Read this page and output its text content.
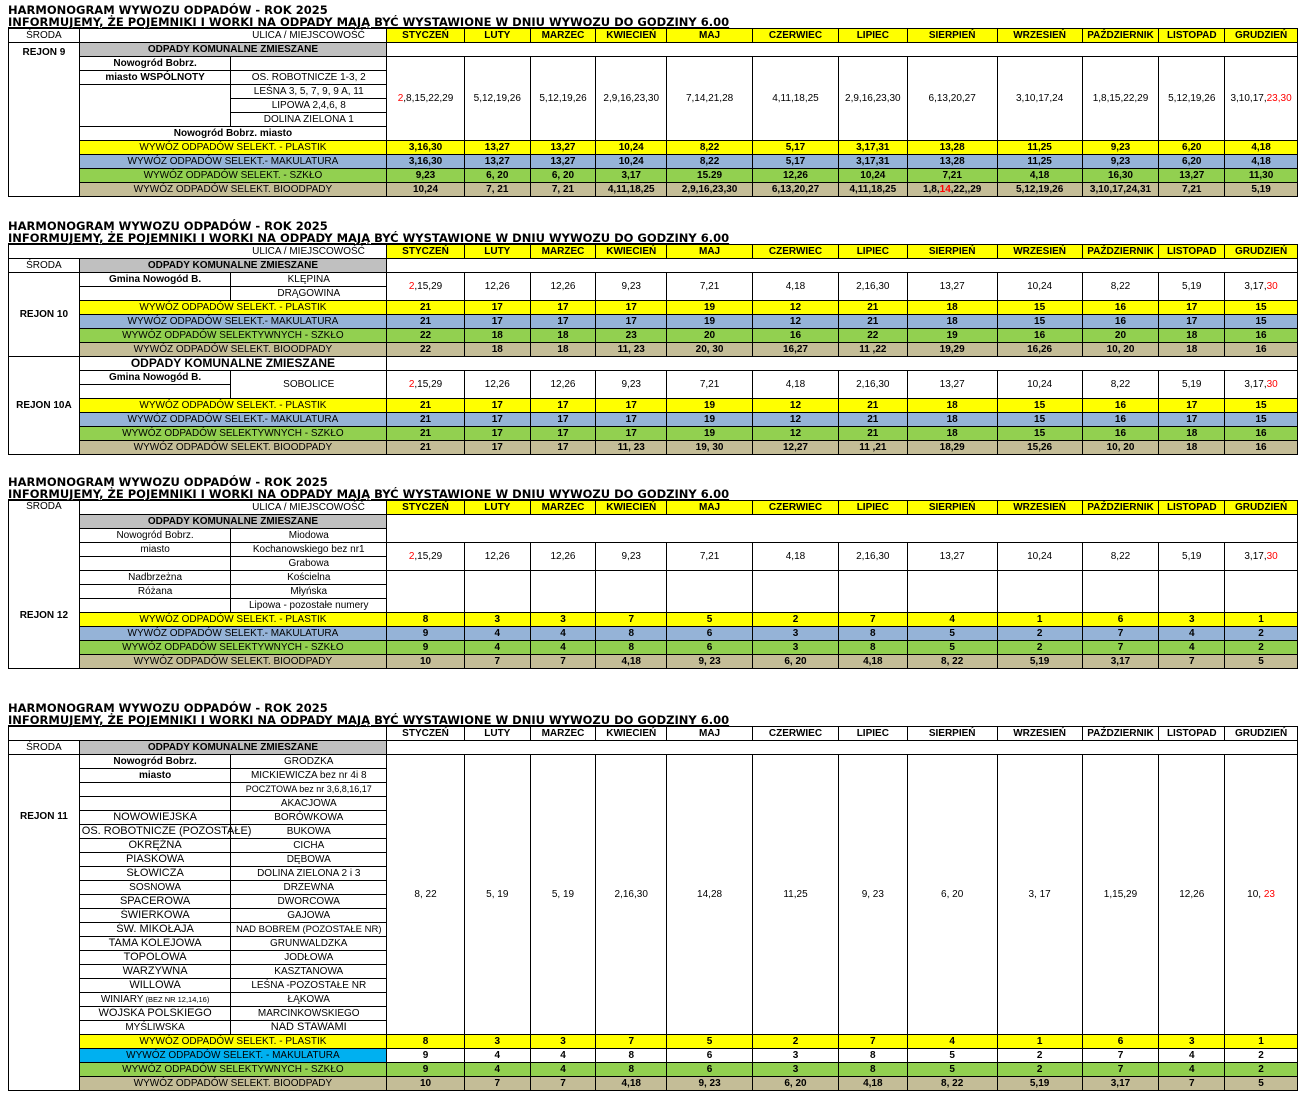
HARMONOGRAM WYWOZU ODPADÓW - ROK 2025
INFORMUJEMY, ŻE POJEMNIKI I WORKI NA ODPADY MAJĄ BYĆ WYSTAWIONE W DNIU WYWOZU DO GODZINY 6.00
ŚRODA		ULICA / MIEJSCOWOŚĆ	STYCZEŃ	LUTY	MARZEC	KWIECIEŃ	MAJ	CZERWIEC	LIPIEC	SIERPIEŃ	WRZESIEŃ	PAŹDZIERNIK	LISTOPAD	GRUDZIEŃ
REJON 9	ODPADY KOMUNALNE ZMIESZANE													
	Nowogród Bobrz.		2,8,15,22,29	5,12,19,26	5,12,19,26	2,9,16,23,30	7,14,21,28	4,11,18,25	2,9,16,23,30	6,13,20,27	3,10,17,24	1,8,15,22,29	5,12,19,26	3,10,17,23,30
	miasto WSPÓLNOTY	OS. ROBOTNICZE 1-3, 2												
		LEŚNA 3, 5, 7, 9, 9 A, 11												
		LIPOWA 2,4,6, 8												
		DOLINA ZIELONA 1												
	Nowogród Bobrz. miasto													
	WYWÓZ ODPADÓW SELEKT. - PLASTIK		3,16,30	13,27	13,27	10,24	8,22	5,17	3,17,31	13,28	11,25	9,23	6,20	4,18
	WYWÓZ ODPADÓW SELEKT.- MAKULATURA		3,16,30	13,27	13,27	10,24	8,22	5,17	3,17,31	13,28	11,25	9,23	6,20	4,18
	WYWÓZ ODPADÓW SELEKT. - SZKŁO		9,23	6, 20	6, 20	3,17	15.29	12,26	10,24	7,21	4,18	16,30	13,27	11,30
	WYWÓZ ODPADÓW SELEKT. BIOODPADY		10,24	7, 21	7, 21	4,11,18,25	2,9,16,23,30	6,13,20,27	4,11,18,25	1,8,14,22,,29	5,12,19,26	3,10,17,24,31	7,21	5,19
HARMONOGRAM WYWOZU ODPADÓW - ROK 2025
INFORMUJEMY, ŻE POJEMNIKI I WORKI NA ODPADY MAJĄ BYĆ WYSTAWIONE W DNIU WYWOZU DO GODZINY 6.00
		ULICA / MIEJSCOWOŚĆ	STYCZEŃ	LUTY	MARZEC	KWIECIEŃ	MAJ	CZERWIEC	LIPIEC	SIERPIEŃ	WRZESIEŃ	PAŹDZIERNIK	LISTOPAD	GRUDZIEŃ
ŚRODA	ODPADY KOMUNALNE ZMIESZANE													
REJON 10	Gmina Nowogód B.	KLĘPINA	2,15,29	12,26	12,26	9,23	7,21	4,18	2,16,30	13,27	10,24	8,22	5,19	3,17,30
		DRĄGOWINA												
	WYWÓZ ODPADÓW SELEKT. - PLASTIK		21	17	17	17	19	12	21	18	15	16	17	15
	WYWÓZ ODPADÓW SELEKT.- MAKULATURA		21	17	17	17	19	12	21	18	15	16	17	15
	WYWÓZ ODPADÓW SELEKTYWNYCH - SZKŁO		22	18	18	23	20	16	22	19	16	20	18	16
	WYWÓZ ODPADÓW SELEKT. BIOODPADY		22	18	18	11, 23	20, 30	16,27	11 ,22	19,29	16,26	10, 20	18	16
REJON 10A	ODPADY KOMUNALNE ZMIESZANE													
	Gmina Nowogód B.	SOBOLICE	2,15,29	12,26	12,26	9,23	7,21	4,18	2,16,30	13,27	10,24	8,22	5,19	3,17,30

	WYWÓZ ODPADÓW SELEKT. - PLASTIK		21	17	17	17	19	12	21	18	15	16	17	15
	WYWÓZ ODPADÓW SELEKT.- MAKULATURA		21	17	17	17	19	12	21	18	15	16	17	15
	WYWÓZ ODPADÓW SELEKTYWNYCH - SZKŁO		21	17	17	17	19	12	21	18	15	16	18	16
	WYWÓZ ODPADÓW SELEKT. BIOODPADY		21	17	17	11, 23	19, 30	12,27	11 ,21	18,29	15,26	10, 20	18	16
HARMONOGRAM WYWOZU ODPADÓW - ROK 2025
INFORMUJEMY, ŻE POJEMNIKI I WORKI NA ODPADY MAJĄ BYĆ WYSTAWIONE W DNIU WYWOZU DO GODZINY 6.00
ŚRODA
REJON 12		ULICA / MIEJSCOWOŚĆ	STYCZEŃ	LUTY	MARZEC	KWIECIEŃ	MAJ	CZERWIEC	LIPIEC	SIERPIEŃ	WRZESIEŃ	PAŹDZIERNIK	LISTOPAD	GRUDZIEŃ
	ODPADY KOMUNALNE ZMIESZANE													
	Nowogród Bobrz.	Miodowa												
	miasto	Kochanowskiego bez nr1	2,15,29	12,26	12,26	9,23	7,21	4,18	2,16,30	13,27	10,24	8,22	5,19	3,17,30
		Grabowa												
	Nadbrzeżna	Kościelna												
	Różana	Młyńska												
		Lipowa - pozostałe numery												
	WYWÓZ ODPADÓW SELEKT. - PLASTIK		8	3	3	7	5	2	7	4	1	6	3	1
	WYWÓZ ODPADÓW SELEKT.- MAKULATURA		9	4	4	8	6	3	8	5	2	7	4	2
	WYWÓZ ODPADÓW SELEKTYWNYCH - SZKŁO		9	4	4	8	6	3	8	5	2	7	4	2
	WYWÓZ ODPADÓW SELEKT. BIOODPADY		10	7	7	4,18	9, 23	6, 20	4,18	8, 22	5,19	3,17	7	5
HARMONOGRAM WYWOZU ODPADÓW - ROK 2025
INFORMUJEMY, ŻE POJEMNIKI I WORKI NA ODPADY MAJĄ BYĆ WYSTAWIONE W DNIU WYWOZU DO GODZINY 6.00
			STYCZEŃ	LUTY	MARZEC	KWIECIEŃ	MAJ	CZERWIEC	LIPIEC	SIERPIEŃ	WRZESIEŃ	PAŹDZIERNIK	LISTOPAD	GRUDZIEŃ
ŚRODA	ODPADY KOMUNALNE ZMIESZANE													
REJON 11	Nowogród Bobrz.	GRODZKA	8, 22	5, 19	5, 19	2,16,30	14,28	11,25	9, 23	6, 20	3, 17	1,15,29	12,26	10, 23
	miasto	MICKIEWICZA bez nr 4i 8												
		POCZTOWA bez nr 3,6,8,16,17												
		AKACJOWA												
	NOWOWIEJSKA	BORÓWKOWA												
	OS. ROBOTNICZE (POZOSTAŁE)	BUKOWA												
	OKRĘŻNA	CICHA												
	PIASKOWA	DĘBOWA												
	SŁOWICZA	DOLINA ZIELONA 2 i 3												
	SOSNOWA	DRZEWNA												
	SPACEROWA	DWORCOWA												
	ŚWIERKOWA	GAJOWA												
	ŚW. MIKOŁAJA	NAD BOBREM (POZOSTAŁE NR)												
	TAMA KOLEJOWA	GRUNWALDZKA												
	TOPOLOWA	JODŁOWA												
	WARZYWNA	KASZTANOWA												
	WILLOWA	LEŚNA -POZOSTAŁE NR												
	WINIARY (BEZ NR 12,14,16)	ŁĄKOWA												
	WOJSKA POLSKIEGO	MARCINKOWSKIEGO												
	MYŚLIWSKA	NAD STAWAMI												
	WYWÓZ ODPADÓW SELEKT. - PLASTIK		8	3	3	7	5	2	7	4	1	6	3	1
	WYWÓZ ODPADÓW SELEKT. - MAKULATURA		9	4	4	8	6	3	8	5	2	7	4	2
	WYWÓZ ODPADÓW SELEKTYWNYCH - SZKŁO		9	4	4	8	6	3	8	5	2	7	4	2
	WYWÓZ ODPADÓW SELEKT. BIOODPADY		10	7	7	4,18	9, 23	6, 20	4,18	8, 22	5,19	3,17	7	5
